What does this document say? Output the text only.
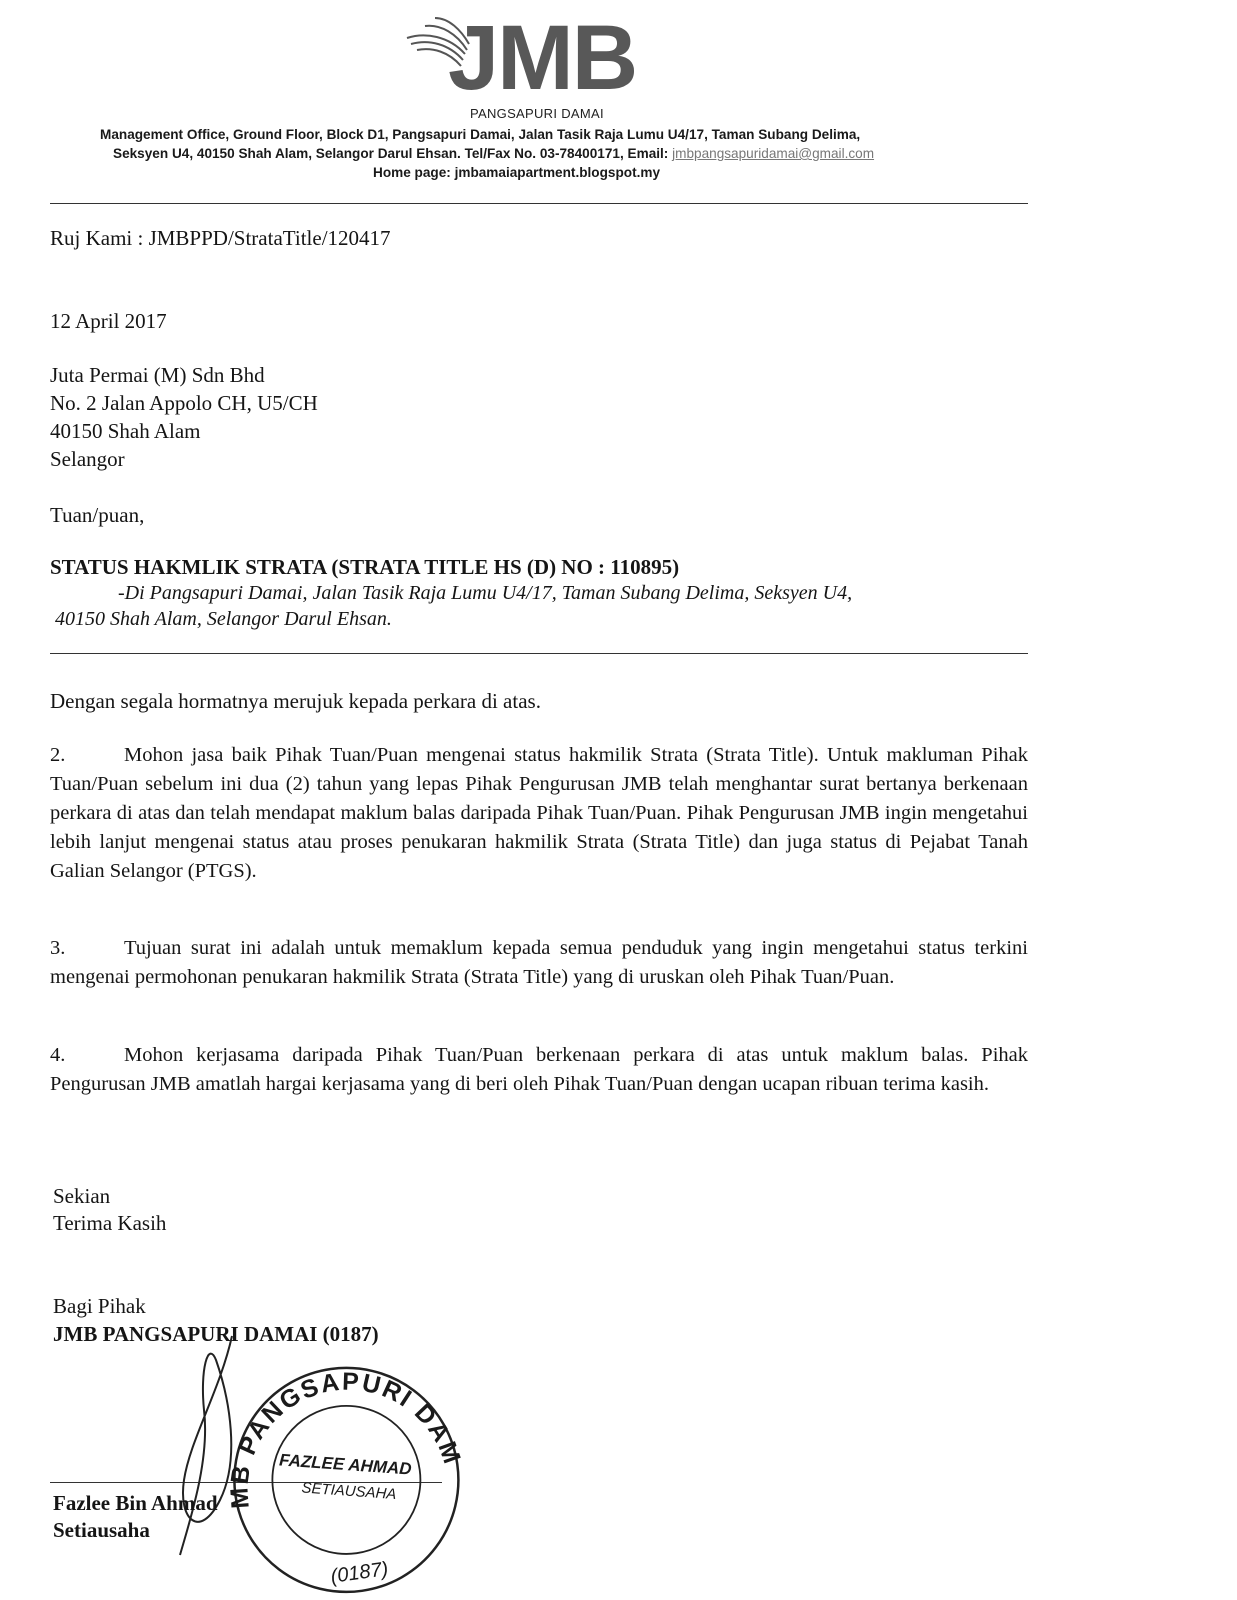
JMB
PANGSAPURI DAMAI
Management Office, Ground Floor, Block D1, Pangsapuri Damai, Jalan Tasik Raja Lumu U4/17, Taman Subang Delima,
Seksyen U4, 40150 Shah Alam, Selangor Darul Ehsan. Tel/Fax No. 03-78400171, Email: jmbpangsapuridamai@gmail.com
Home page: jmbamaiapartment.blogspot.my
Ruj Kami : JMBPPD/StrataTitle/120417
12 April 2017
Juta Permai (M) Sdn Bhd
No. 2 Jalan Appolo CH, U5/CH
40150 Shah Alam
Selangor
Tuan/puan,
STATUS HAKMLIK STRATA (STRATA TITLE HS (D) NO : 110895)
-Di Pangsapuri Damai, Jalan Tasik Raja Lumu U4/17, Taman Subang Delima, Seksyen U4,
40150 Shah Alam, Selangor Darul Ehsan.
Dengan segala hormatnya merujuk kepada perkara di atas.
2.	Mohon jasa baik Pihak Tuan/Puan mengenai status hakmilik Strata (Strata Title). Untuk makluman Pihak Tuan/Puan sebelum ini dua (2) tahun yang lepas Pihak Pengurusan JMB telah menghantar surat bertanya berkenaan perkara di atas dan telah mendapat maklum balas daripada Pihak Tuan/Puan. Pihak Pengurusan JMB ingin mengetahui lebih lanjut mengenai status atau proses penukaran hakmilik Strata (Strata Title) dan juga status di Pejabat Tanah Galian Selangor (PTGS).
3.	Tujuan surat ini adalah untuk memaklum kepada semua penduduk yang ingin mengetahui status terkini mengenai permohonan penukaran hakmilik Strata (Strata Title) yang di uruskan oleh Pihak Tuan/Puan.
4.	Mohon kerjasama daripada Pihak Tuan/Puan berkenaan perkara di atas untuk maklum balas. Pihak Pengurusan JMB amatlah hargai kerjasama yang di beri oleh Pihak Tuan/Puan dengan ucapan ribuan terima kasih.
Sekian
Terima Kasih
Bagi Pihak
JMB PANGSAPURI DAMAI (0187)
Fazlee Bin Ahmad
Setiausaha
JMB PANGSAPURI DAMAI
FAZLEE AHMAD
SETIAUSAHA
(0187)
